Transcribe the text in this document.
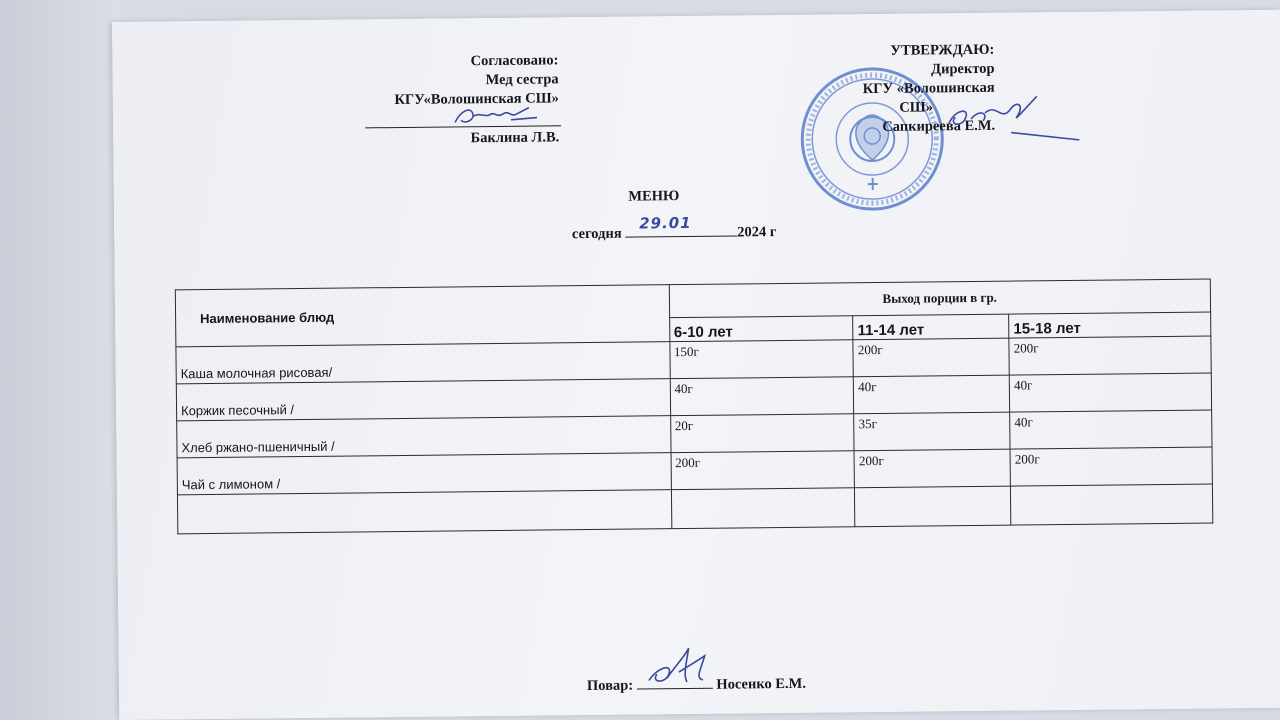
Согласовано:
Мед сестра
КГУ«Волошинская СШ»
Баклина Л.В.
УТВЕРЖДАЮ:
Директор
КГУ «Волошинская
СШ»
Сапкиреева Е.М.
МЕНЮ
сегодня
29.01	2024 г
Наименование блюд	Выход порции в гр.		
	6-10 лет	11-14 лет	15-18 лет
Каша молочная рисовая/	150г	200г	200г
Коржик песочный /	40г	40г	40г
Хлеб ржано-пшеничный /	20г	35г	40г
Чай с лимоном /	200г	200г	200г

Повар:	Носенко Е.М.
